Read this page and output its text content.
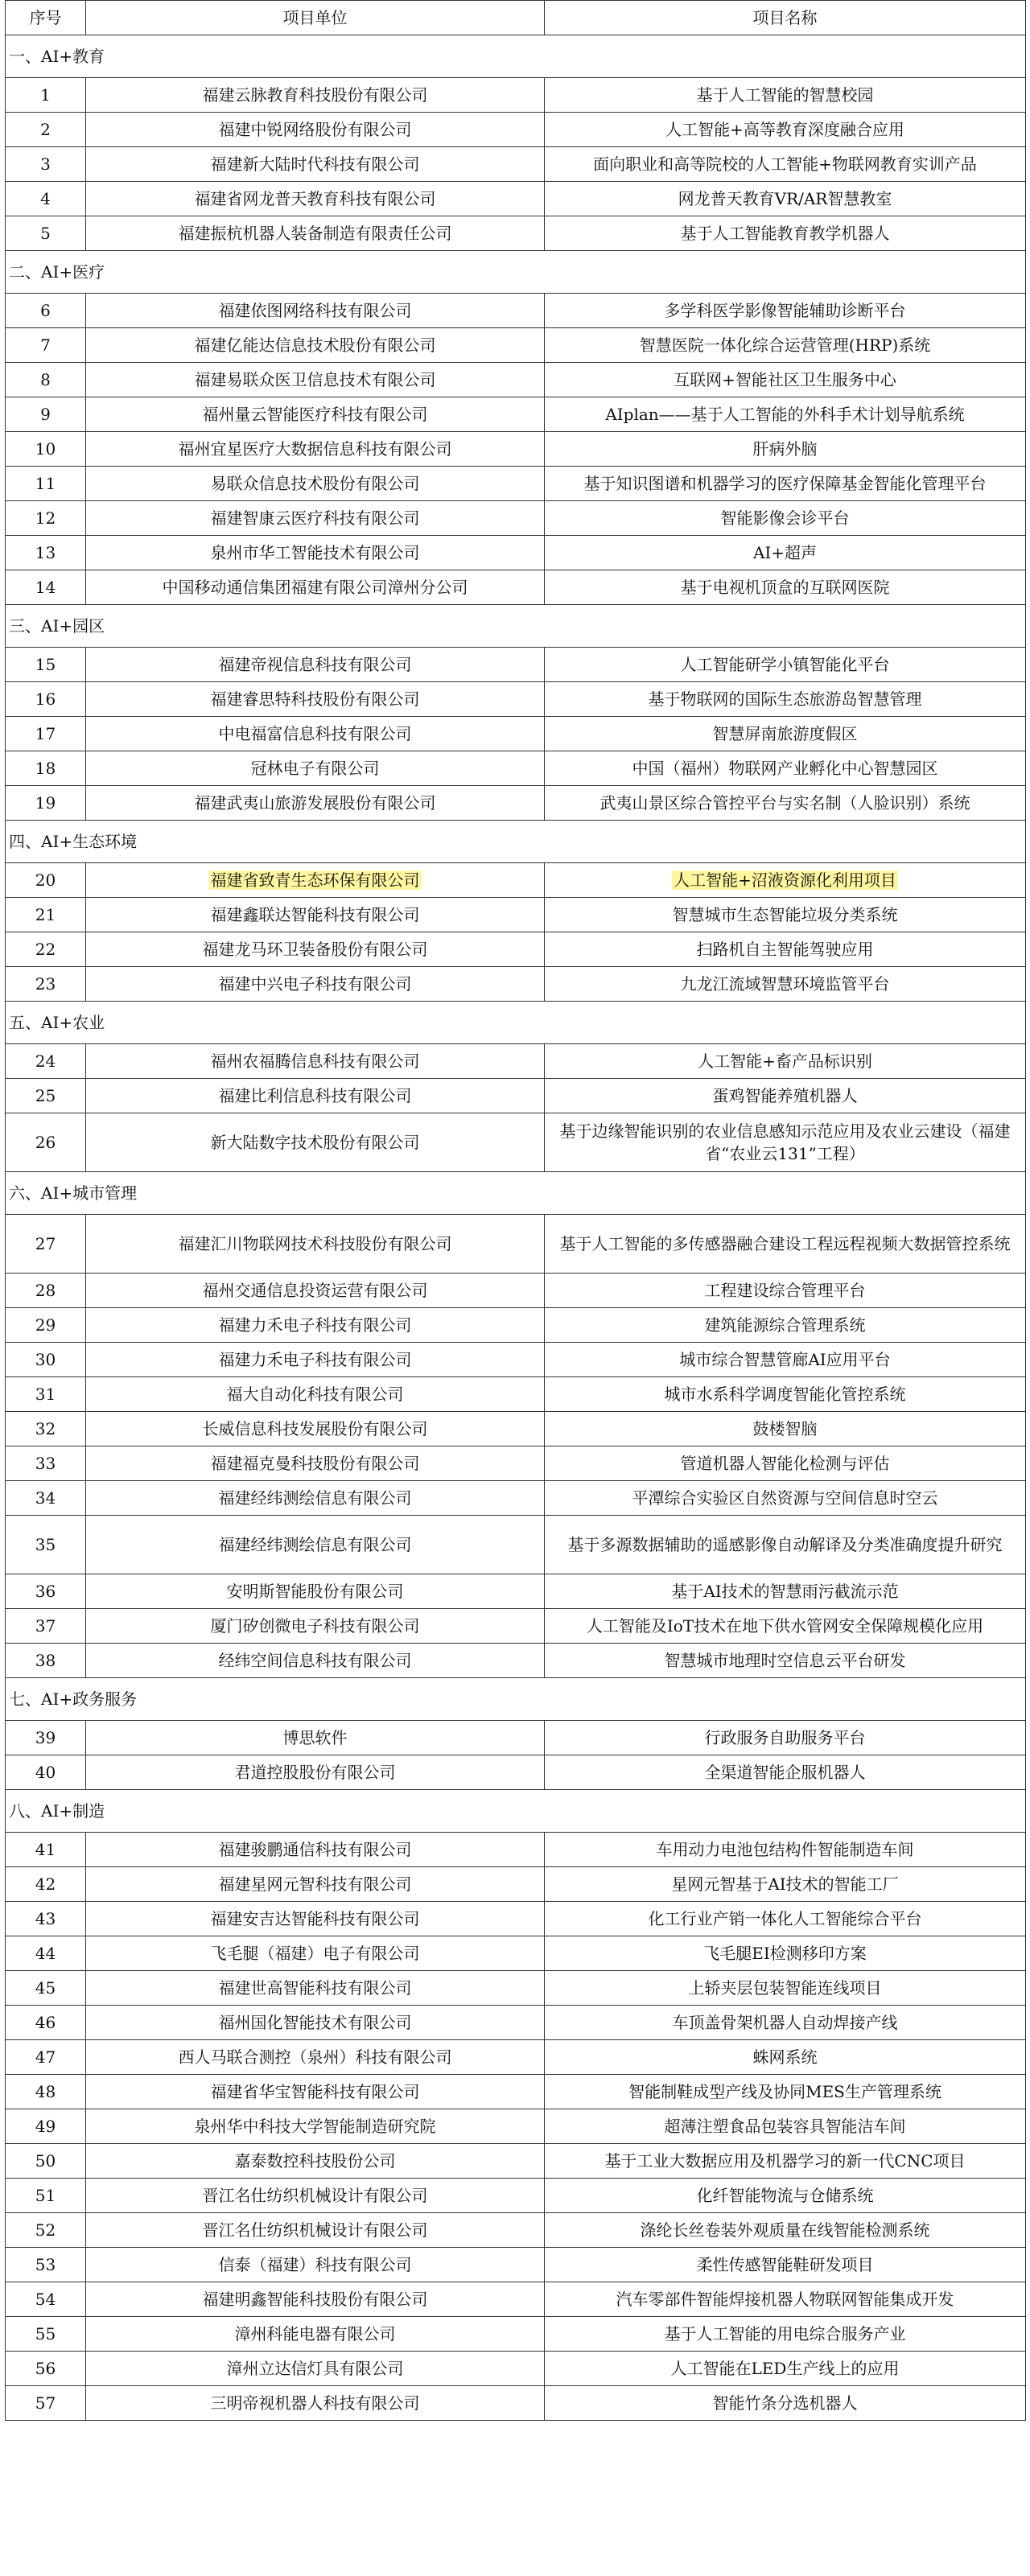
序号	项目单位	项目名称
一、AI+教育		
1	福建云脉教育科技股份有限公司	基于人工智能的智慧校园
2	福建中锐网络股份有限公司	人工智能+高等教育深度融合应用
3	福建新大陆时代科技有限公司	面向职业和高等院校的人工智能+物联网教育实训产品
4	福建省网龙普天教育科技有限公司	网龙普天教育VR/AR智慧教室
5	福建振杭机器人装备制造有限责任公司	基于人工智能教育教学机器人
二、AI+医疗		
6	福建依图网络科技有限公司	多学科医学影像智能辅助诊断平台
7	福建亿能达信息技术股份有限公司	智慧医院一体化综合运营管理(HRP)系统
8	福建易联众医卫信息技术有限公司	互联网+智能社区卫生服务中心
9	福州量云智能医疗科技有限公司	AIplan——基于人工智能的外科手术计划导航系统
10	福州宜星医疗大数据信息科技有限公司	肝病外脑
11	易联众信息技术股份有限公司	基于知识图谱和机器学习的医疗保障基金智能化管理平台
12	福建智康云医疗科技有限公司	智能影像会诊平台
13	泉州市华工智能技术有限公司	AI+超声
14	中国移动通信集团福建有限公司漳州分公司	基于电视机顶盒的互联网医院
三、AI+园区		
15	福建帝视信息科技有限公司	人工智能研学小镇智能化平台
16	福建睿思特科技股份有限公司	基于物联网的国际生态旅游岛智慧管理
17	中电福富信息科技有限公司	智慧屏南旅游度假区
18	冠林电子有限公司	中国（福州）物联网产业孵化中心智慧园区
19	福建武夷山旅游发展股份有限公司	武夷山景区综合管控平台与实名制（人脸识别）系统
四、AI+生态环境		
20	福建省致青生态环保有限公司	人工智能+沼液资源化利用项目
21	福建鑫联达智能科技有限公司	智慧城市生态智能垃圾分类系统
22	福建龙马环卫装备股份有限公司	扫路机自主智能驾驶应用
23	福建中兴电子科技有限公司	九龙江流域智慧环境监管平台
五、AI+农业		
24	福州农福腾信息科技有限公司	人工智能+畜产品标识别
25	福建比利信息科技有限公司	蛋鸡智能养殖机器人
26	新大陆数字技术股份有限公司	基于边缘智能识别的农业信息感知示范应用及农业云建设（福建省“农业云131”工程）
六、AI+城市管理		
27	福建汇川物联网技术科技股份有限公司	基于人工智能的多传感器融合建设工程远程视频大数据管控系统
28	福州交通信息投资运营有限公司	工程建设综合管理平台
29	福建力禾电子科技有限公司	建筑能源综合管理系统
30	福建力禾电子科技有限公司	城市综合智慧管廊AI应用平台
31	福大自动化科技有限公司	城市水系科学调度智能化管控系统
32	长威信息科技发展股份有限公司	鼓楼智脑
33	福建福克曼科技股份有限公司	管道机器人智能化检测与评估
34	福建经纬测绘信息有限公司	平潭综合实验区自然资源与空间信息时空云
35	福建经纬测绘信息有限公司	基于多源数据辅助的遥感影像自动解译及分类准确度提升研究
36	安明斯智能股份有限公司	基于AI技术的智慧雨污截流示范
37	厦门矽创微电子科技有限公司	人工智能及IoT技术在地下供水管网安全保障规模化应用
38	经纬空间信息科技有限公司	智慧城市地理时空信息云平台研发
七、AI+政务服务		
39	博思软件	行政服务自助服务平台
40	君道控股股份有限公司	全渠道智能企服机器人
八、AI+制造		
41	福建骏鹏通信科技有限公司	车用动力电池包结构件智能制造车间
42	福建星网元智科技有限公司	星网元智基于AI技术的智能工厂
43	福建安吉达智能科技有限公司	化工行业产销一体化人工智能综合平台
44	飞毛腿（福建）电子有限公司	飞毛腿EI检测移印方案
45	福建世高智能科技有限公司	上轿夹层包装智能连线项目
46	福州国化智能技术有限公司	车顶盖骨架机器人自动焊接产线
47	西人马联合测控（泉州）科技有限公司	蛛网系统
48	福建省华宝智能科技有限公司	智能制鞋成型产线及协同MES生产管理系统
49	泉州华中科技大学智能制造研究院	超薄注塑食品包装容具智能洁车间
50	嘉泰数控科技股份公司	基于工业大数据应用及机器学习的新一代CNC项目
51	晋江名仕纺织机械设计有限公司	化纤智能物流与仓储系统
52	晋江名仕纺织机械设计有限公司	涤纶长丝卷装外观质量在线智能检测系统
53	信泰（福建）科技有限公司	柔性传感智能鞋研发项目
54	福建明鑫智能科技股份有限公司	汽车零部件智能焊接机器人物联网智能集成开发
55	漳州科能电器有限公司	基于人工智能的用电综合服务产业
56	漳州立达信灯具有限公司	人工智能在LED生产线上的应用
57	三明帝视机器人科技有限公司	智能竹条分选机器人
